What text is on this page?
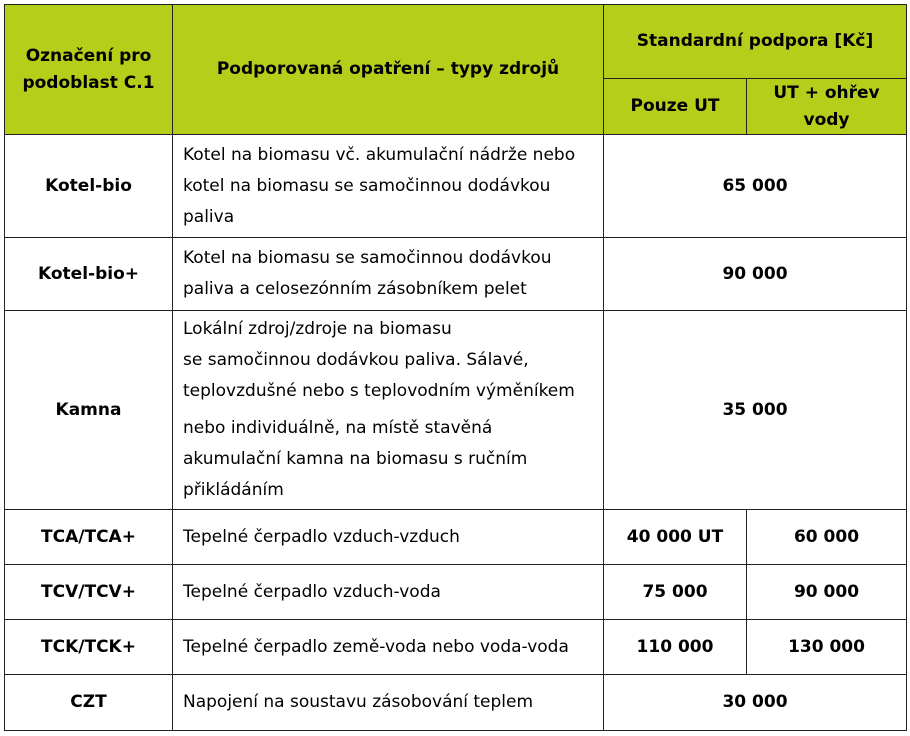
Označení pro podoblast C.1	Podporovaná opatření – typy zdrojů	Standardní podpora [Kč]	
		Pouze UT	UT + ohřev vody
Kotel-bio	Kotel na biomasu vč. akumulační nádrže nebo kotel na biomasu se samočinnou dodávkou paliva	65 000	
Kotel-bio+	Kotel na biomasu se samočinnou dodávkou paliva a celosezónním zásobníkem pelet	90 000	
Kamna	Lokální zdroj/zdroje na biomasu
se samočinnou dodávkou paliva. Sálavé, teplovzdušné nebo s teplovodním výměníkem
nebo individuálně, na místě stavěná akumulační kamna na biomasu s ručním přikládáním	35 000	
TCA/TCA+	Tepelné čerpadlo vzduch-vzduch	40 000 UT	60 000
TCV/TCV+	Tepelné čerpadlo vzduch-voda	75 000	90 000
TCK/TCK+	Tepelné čerpadlo země-voda nebo voda-voda	110 000	130 000
CZT	Napojení na soustavu zásobování teplem	30 000	
